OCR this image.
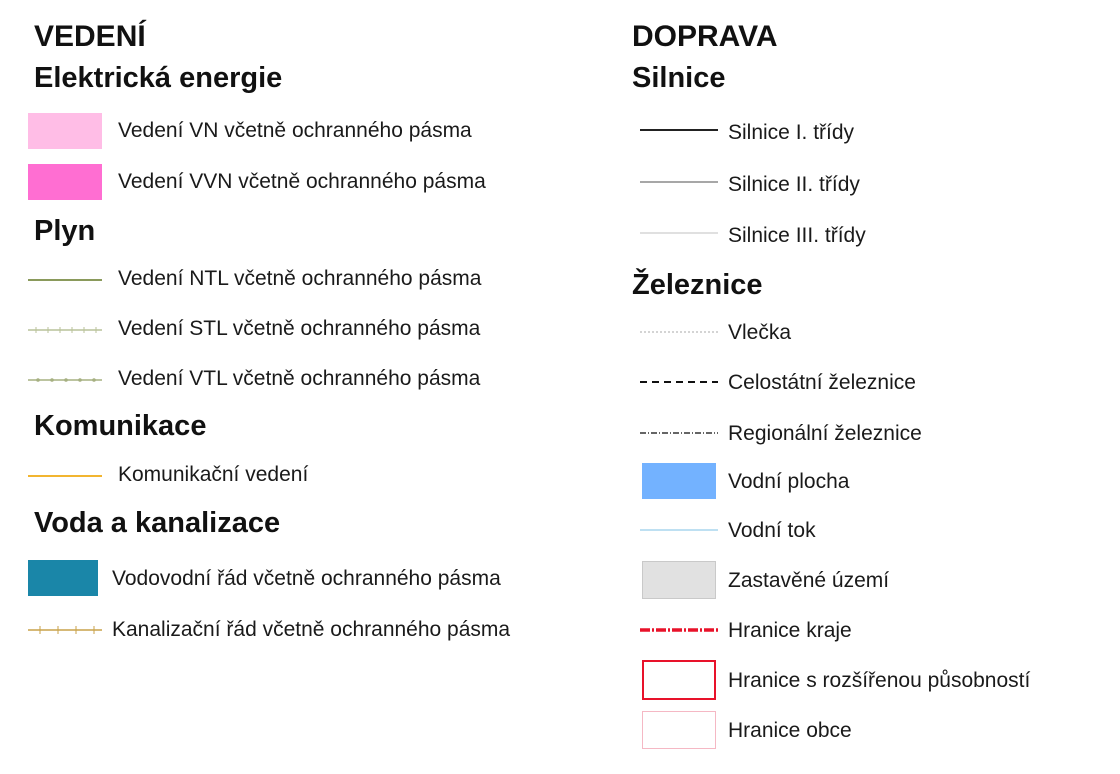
VEDENÍ
Elektrická energie
Vedení VN včetně ochranného pásma
Vedení VVN včetně ochranného pásma
Plyn
Vedení NTL včetně ochranného pásma
Vedení STL včetně ochranného pásma
Vedení VTL včetně ochranného pásma
Komunikace
Komunikační vedení
Voda a kanalizace
Vodovodní řád včetně ochranného pásma
Kanalizační řád včetně ochranného pásma
DOPRAVA
Silnice
Silnice I. třídy
Silnice II. třídy
Silnice III. třídy
Železnice
Vlečka
Celostátní železnice
Regionální železnice
Vodní plocha
Vodní tok
Zastavěné území
Hranice kraje
Hranice s rozšířenou působností
Hranice obce
